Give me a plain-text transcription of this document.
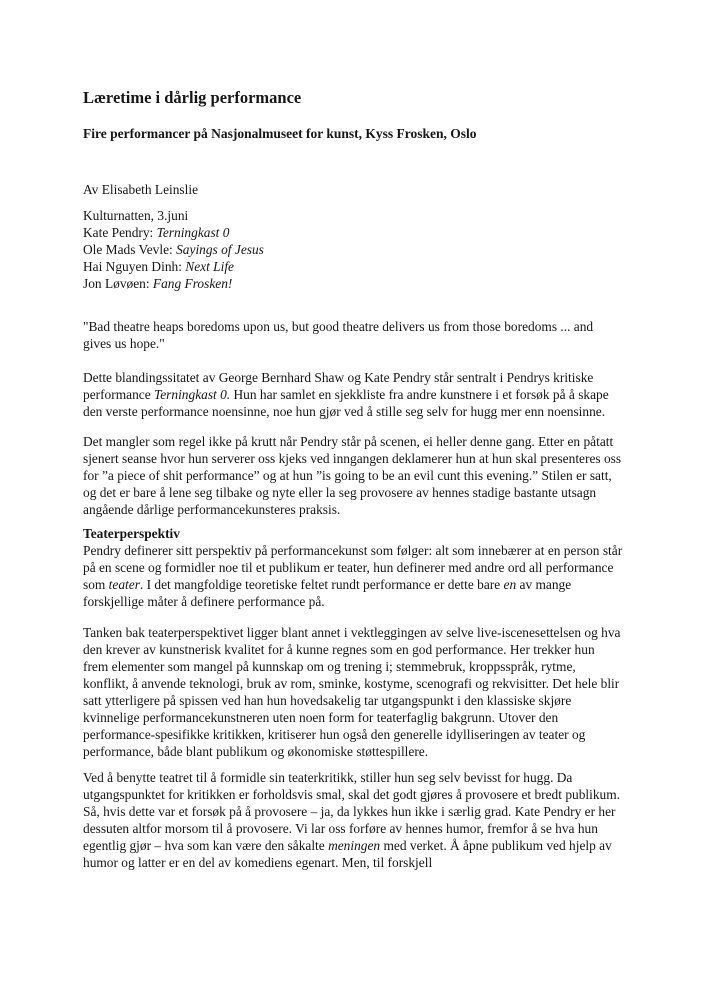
Læretime i dårlig performance
Fire performancer på Nasjonalmuseet for kunst, Kyss Frosken, Oslo

Av Elisabeth Leinslie

Kulturnatten, 3.juni

Kate Pendry: Terningkast 0

Ole Mads Vevle: Sayings of Jesus

Hai Nguyen Dinh: Next Life

Jon Løvøen: Fang Frosken!

"Bad theatre heaps boredoms upon us, but good theatre delivers us from those boredoms ... and gives us hope."

Dette blandingssitatet av George Bernhard Shaw og Kate Pendry står sentralt i Pendrys kritiske performance Terningkast 0. Hun har samlet en sjekkliste fra andre kunstnere i et forsøk på å skape den verste performance noensinne, noe hun gjør ved å stille seg selv for hugg mer enn noensinne.

Det mangler som regel ikke på krutt når Pendry står på scenen, ei heller denne gang. Etter en påtatt sjenert seanse hvor hun serverer oss kjeks ved inngangen deklamerer hun at hun skal presenteres oss for ”a piece of shit performance” og at hun ”is going to be an evil cunt this evening.” Stilen er satt, og det er bare å lene seg tilbake og nyte eller la seg provosere av hennes stadige bastante utsagn angående dårlige performancekunsteres praksis.

Teaterperspektiv

Pendry definerer sitt perspektiv på performancekunst som følger: alt som innebærer at en person står på en scene og formidler noe til et publikum er teater, hun definerer med andre ord all performance som teater. I det mangfoldige teoretiske feltet rundt performance er dette bare en av mange forskjellige måter å definere performance på.

Tanken bak teaterperspektivet ligger blant annet i vektleggingen av selve live-iscenesettelsen og hva den krever av kunstnerisk kvalitet for å kunne regnes som en god performance. Her trekker hun frem elementer som mangel på kunnskap om og trening i; stemmebruk, kroppsspråk, rytme, konflikt, å anvende teknologi, bruk av rom, sminke, kostyme, scenografi og rekvisitter. Det hele blir satt ytterligere på spissen ved han hun hovedsakelig tar utgangspunkt i den klassiske skjøre kvinnelige performancekunstneren uten noen form for teaterfaglig bakgrunn. Utover den performance-spesifikke kritikken, kritiserer hun også den generelle idylliseringen av teater og performance, både blant publikum og økonomiske støttespillere.

Ved å benytte teatret til å formidle sin teaterkritikk, stiller hun seg selv bevisst for hugg. Da utgangspunktet for kritikken er forholdsvis smal, skal det godt gjøres å provosere et bredt publikum. Så, hvis dette var et forsøk på å provosere – ja, da lykkes hun ikke i særlig grad. Kate Pendry er her dessuten altfor morsom til å provosere. Vi lar oss forføre av hennes humor, fremfor å se hva hun egentlig gjør – hva som kan være den såkalte meningen med verket. Å åpne publikum ved hjelp av humor og latter er en del av komediens egenart. Men, til forskjell
